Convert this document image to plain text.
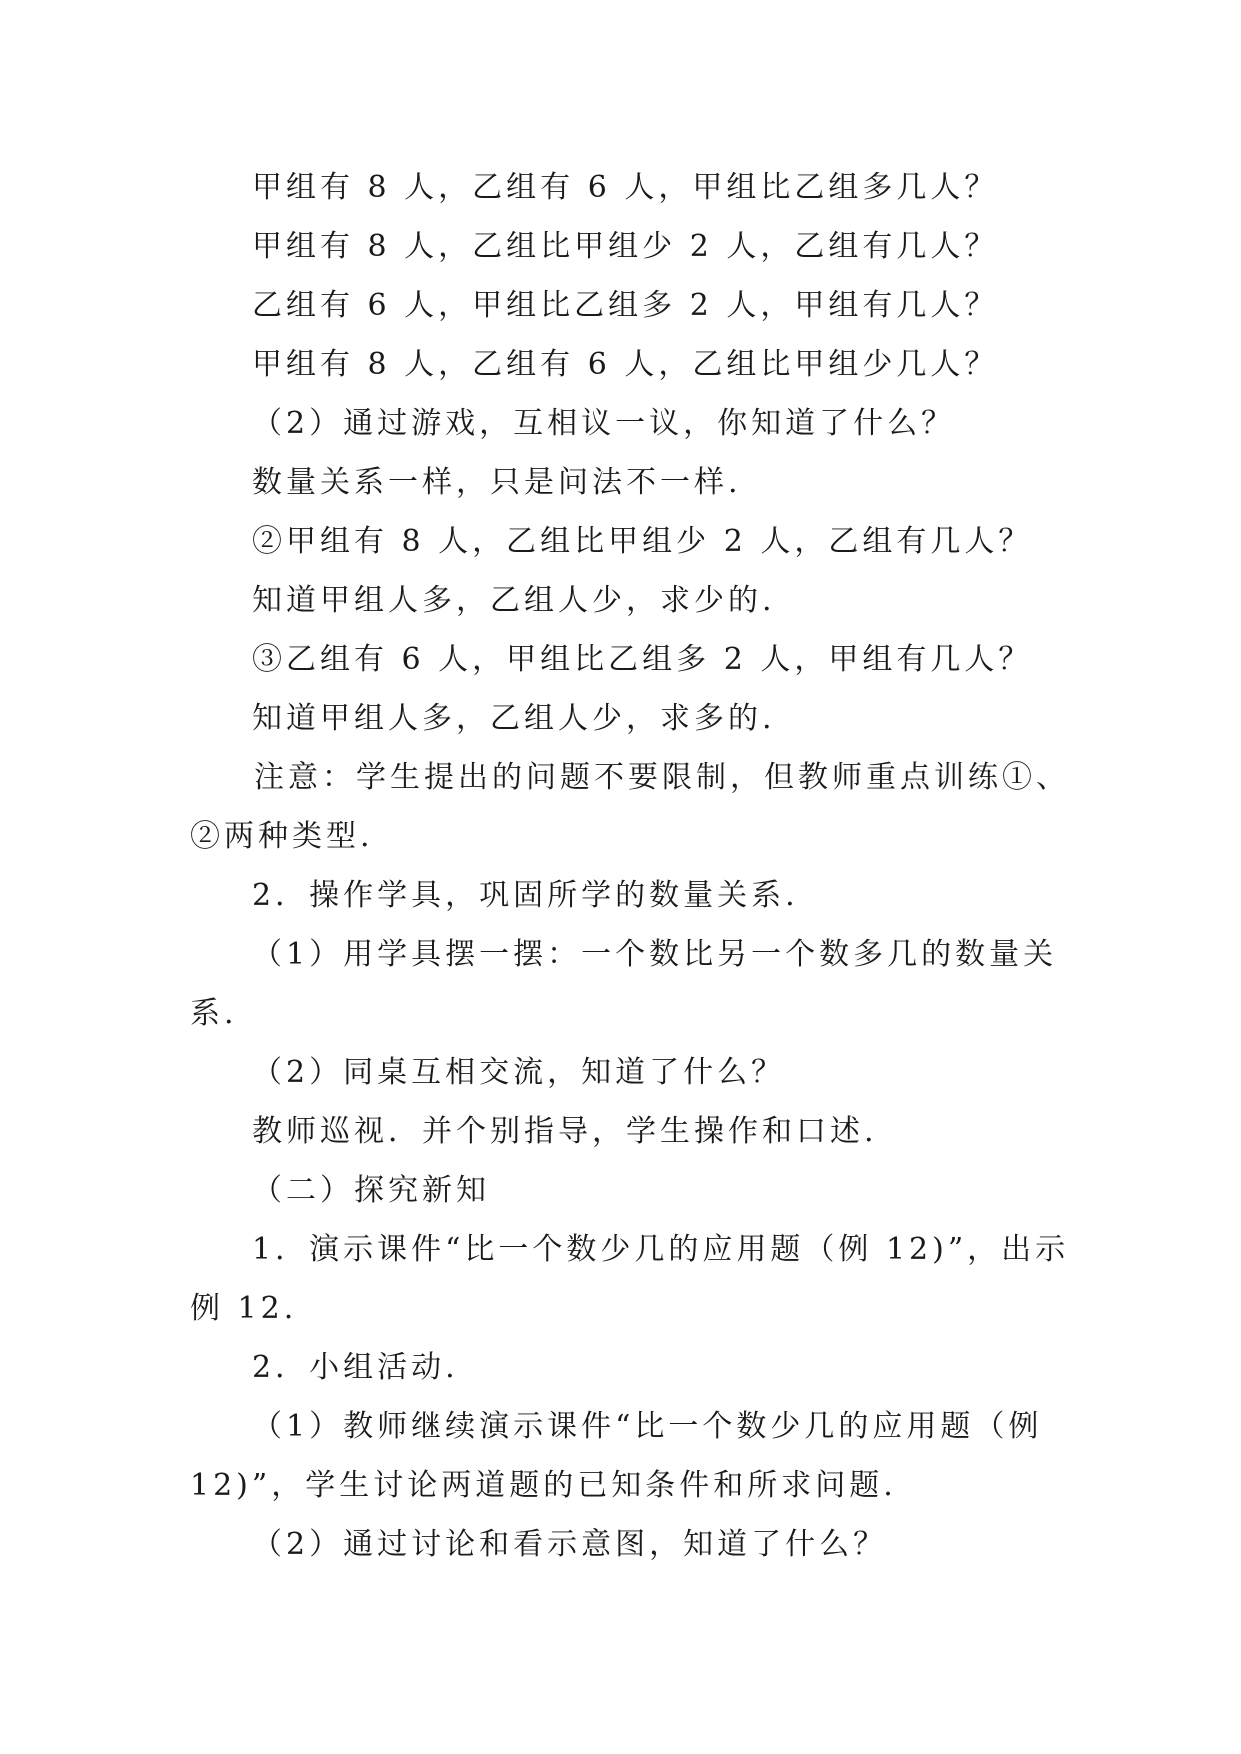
甲组有 8 人，乙组有 6 人，甲组比乙组多几人？

甲组有 8 人，乙组比甲组少 2 人，乙组有几人？

乙组有 6 人，甲组比乙组多 2 人，甲组有几人？

甲组有 8 人，乙组有 6 人，乙组比甲组少几人？

（2）通过游戏，互相议一议，你知道了什么？

数量关系一样，只是问法不一样.

②甲组有 8 人，乙组比甲组少 2 人，乙组有几人？

知道甲组人多，乙组人少，求少的.

③乙组有 6 人，甲组比乙组多 2 人，甲组有几人？

知道甲组人多，乙组人少，求多的.

注意：学生提出的问题不要限制，但教师重点训练①、

②两种类型.

2．操作学具，巩固所学的数量关系.

（1）用学具摆一摆：一个数比另一个数多几的数量关

系.

（2）同桌互相交流，知道了什么？

教师巡视．并个别指导，学生操作和口述.

（二）探究新知

1．演示课件“比一个数少几的应用题（例 12)”，出示

例 12.

2．小组活动.

（1）教师继续演示课件“比一个数少几的应用题（例

12)”，学生讨论两道题的已知条件和所求问题.

（2）通过讨论和看示意图，知道了什么？
